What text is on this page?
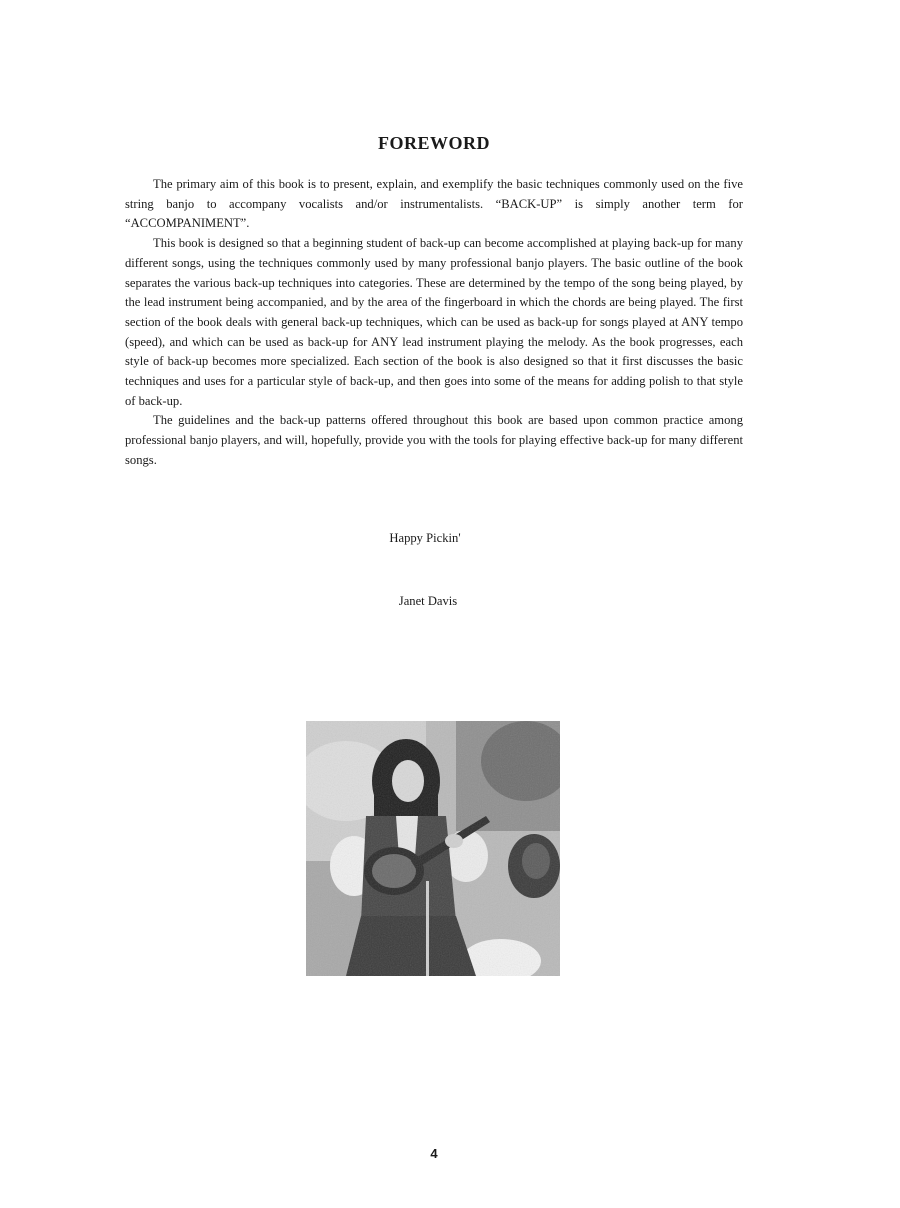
FOREWORD

The primary aim of this book is to present, explain, and exemplify the basic techniques commonly used on the five string banjo to accompany vocalists and/or instrumentalists. “BACK-UP” is simply another term for “ACCOMPANIMENT”.

This book is designed so that a beginning student of back-up can become accomplished at playing back-up for many different songs, using the techniques commonly used by many professional banjo players. The basic outline of the book separates the various back-up techniques into categories. These are determined by the tempo of the song being played, by the lead instrument being accompanied, and by the area of the fingerboard in which the chords are being played. The first section of the book deals with general back-up techniques, which can be used as back-up for songs played at ANY tempo (speed), and which can be used as back-up for ANY lead instrument playing the melody. As the book progresses, each style of back-up becomes more specialized. Each section of the book is also designed so that it first discusses the basic techniques and uses for a particular style of back-up, and then goes into some of the means for adding polish to that style of back-up.

The guidelines and the back-up patterns offered throughout this book are based upon common practice among professional banjo players, and will, hopefully, provide you with the tools for playing effective back-up for many different songs.

Happy Pickin'
Janet Davis
4
